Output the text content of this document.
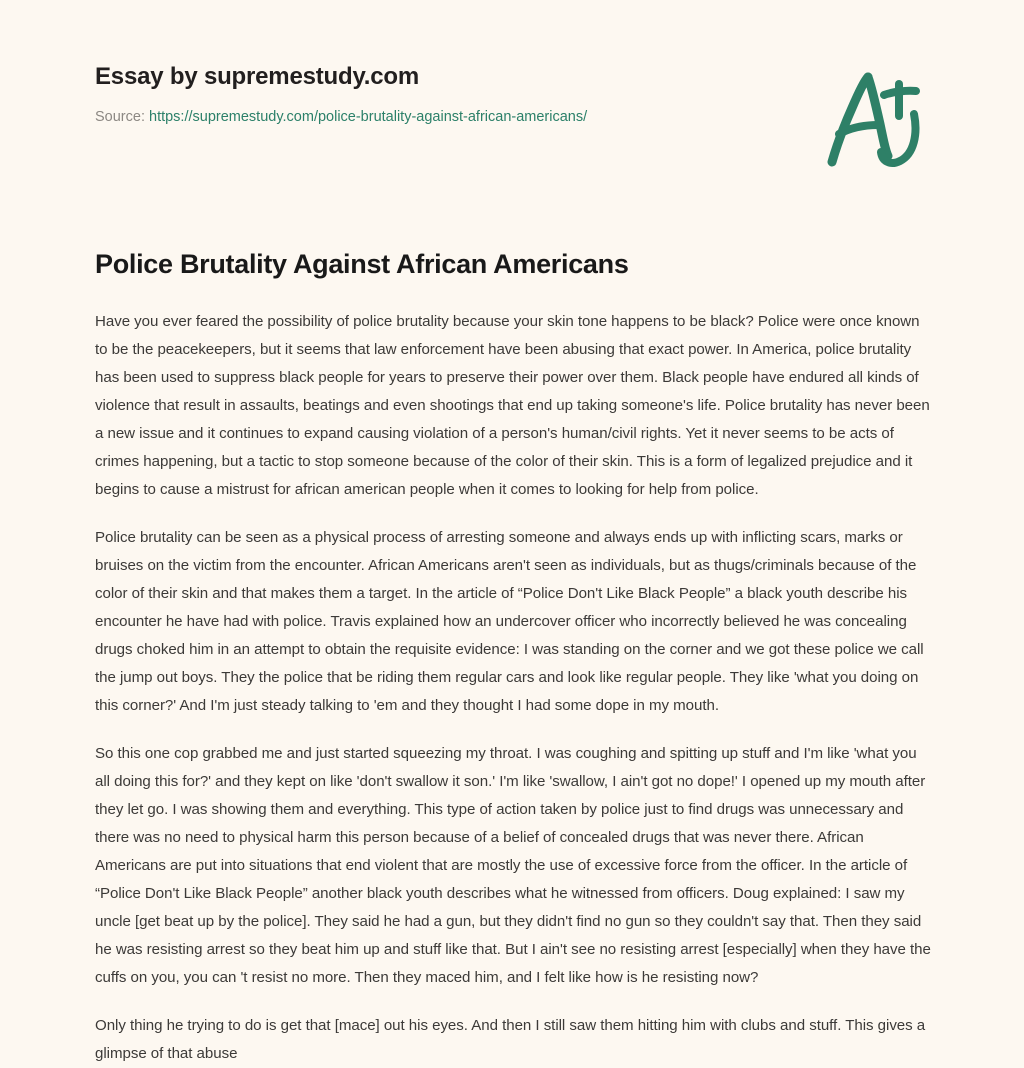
Essay by supremestudy.com
Source: https://supremestudy.com/police-brutality-against-african-americans/
Police Brutality Against African Americans

Have you ever feared the possibility of police brutality because your skin tone happens to be black? Police were once known to be the peacekeepers, but it seems that law enforcement have been abusing that exact power. In America, police brutality has been used to suppress black people for years to preserve their power over them. Black people have endured all kinds of violence that result in assaults, beatings and even shootings that end up taking someone's life. Police brutality has never been a new issue and it continues to expand causing violation of a person's human/civil rights. Yet it never seems to be acts of crimes happening, but a tactic to stop someone because of the color of their skin. This is a form of legalized prejudice and it begins to cause a mistrust for african american people when it comes to looking for help from police.

Police brutality can be seen as a physical process of arresting someone and always ends up with inflicting scars, marks or bruises on the victim from the encounter. African Americans aren't seen as individuals, but as thugs/criminals because of the color of their skin and that makes them a target. In the article of “Police Don't Like Black People” a black youth describe his encounter he have had with police. Travis explained how an undercover officer who incorrectly believed he was concealing drugs choked him in an attempt to obtain the requisite evidence: I was standing on the corner and we got these police we call the jump out boys. They the police that be riding them regular cars and look like regular people. They like 'what you doing on this corner?' And I'm just steady talking to 'em and they thought I had some dope in my mouth.

So this one cop grabbed me and just started squeezing my throat. I was coughing and spitting up stuff and I'm like 'what you all doing this for?' and they kept on like 'don't swallow it son.' I'm like 'swallow, I ain't got no dope!' I opened up my mouth after they let go. I was showing them and everything. This type of action taken by police just to find drugs was unnecessary and there was no need to physical harm this person because of a belief of concealed drugs that was never there. African Americans are put into situations that end violent that are mostly the use of excessive force from the officer. In the article of “Police Don't Like Black People” another black youth describes what he witnessed from officers. Doug explained: I saw my uncle [get beat up by the police]. They said he had a gun, but they didn't find no gun so they couldn't say that. Then they said he was resisting arrest so they beat him up and stuff like that. But I ain't see no resisting arrest [especially] when they have the cuffs on you, you can 't resist no more. Then they maced him, and I felt like how is he resisting now?

Only thing he trying to do is get that [mace] out his eyes. And then I still saw them hitting him with clubs and stuff. This gives a glimpse of that abuse
